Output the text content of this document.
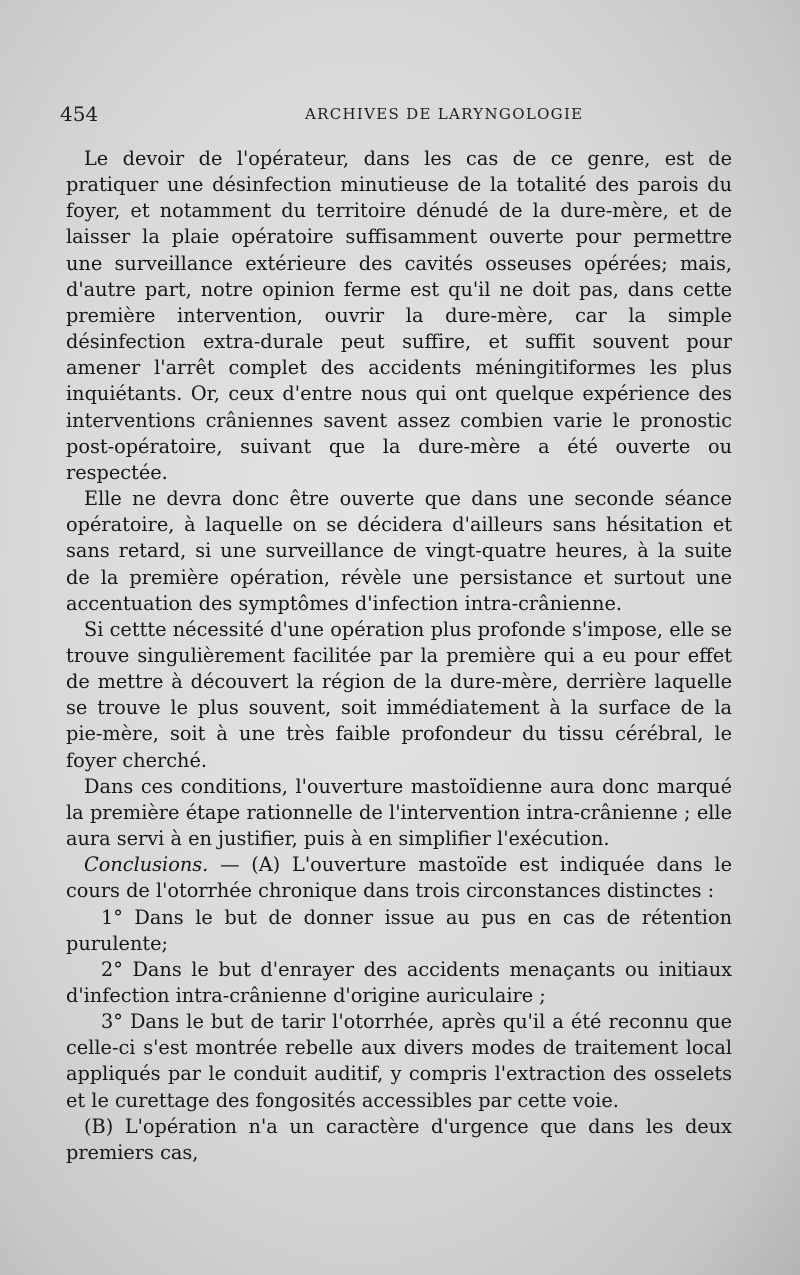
454	ARCHIVES DE LARYNGOLOGIE

Le devoir de l'opérateur, dans les cas de ce genre, est de pratiquer une désinfection minutieuse de la totalité des parois du foyer, et notamment du territoire dénudé de la dure-mère, et de laisser la plaie opératoire suffisamment ouverte pour permettre une surveillance extérieure des cavités osseuses opérées; mais, d'autre part, notre opinion ferme est qu'il ne doit pas, dans cette première intervention, ouvrir la dure-mère, car la simple désinfection extra-durale peut suffire, et suffit souvent pour amener l'arrêt complet des accidents méningitiformes les plus inquiétants. Or, ceux d'entre nous qui ont quelque expérience des interventions crâniennes savent assez combien varie le pronostic post-opératoire, suivant que la dure-mère a été ouverte ou respectée.

Elle ne devra donc être ouverte que dans une seconde séance opératoire, à laquelle on se décidera d'ailleurs sans hésitation et sans retard, si une surveillance de vingt-quatre heures, à la suite de la première opération, révèle une persistance et surtout une accentuation des symptômes d'infection intra-crânienne.

Si cettte nécessité d'une opération plus profonde s'impose, elle se trouve singulièrement facilitée par la première qui a eu pour effet de mettre à découvert la région de la dure-mère, derrière laquelle se trouve le plus souvent, soit immédiatement à la surface de la pie-mère, soit à une très faible profondeur du tissu cérébral, le foyer cherché.

Dans ces conditions, l'ouverture mastoïdienne aura donc marqué la première étape rationnelle de l'intervention intra-crânienne ; elle aura servi à en justifier, puis à en simplifier l'exécution.

Conclusions. — (A) L'ouverture mastoïde est indiquée dans le cours de l'otorrhée chronique dans trois circonstances distinctes :

1° Dans le but de donner issue au pus en cas de rétention purulente;

2° Dans le but d'enrayer des accidents menaçants ou initiaux d'infection intra-crânienne d'origine auriculaire ;

3° Dans le but de tarir l'otorrhée, après qu'il a été reconnu que celle-ci s'est montrée rebelle aux divers modes de traitement local appliqués par le conduit auditif, y compris l'extraction des osselets et le curettage des fongosités accessibles par cette voie.

(B) L'opération n'a un caractère d'urgence que dans les deux premiers cas,
